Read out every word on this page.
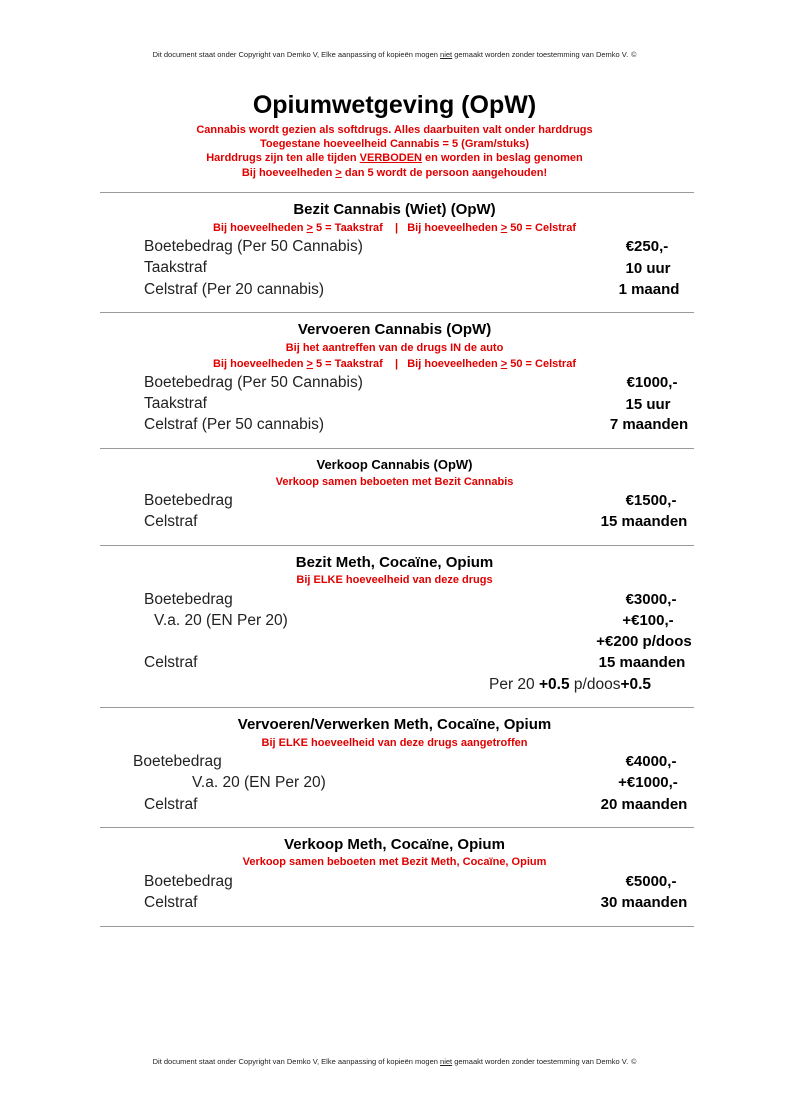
Dit document staat onder Copyright van Demko V, Elke aanpassing of kopieën mogen niet gemaakt worden zonder toestemming van Demko V. ©
Opiumwetgeving (OpW)
Cannabis wordt gezien als softdrugs. Alles daarbuiten valt onder harddrugs
Toegestane hoeveelheid Cannabis = 5 (Gram/stuks)
Harddrugs zijn ten alle tijden VERBODEN en worden in beslag genomen
Bij hoeveelheden > dan 5 wordt de persoon aangehouden!
Bezit Cannabis (Wiet) (OpW)
Bij hoeveelheden > 5 = Taakstraf    |   Bij hoeveelheden > 50 = Celstraf
Boetebedrag (Per 50 Cannabis)	€250,-
Taakstraf	10 uur
Celstraf (Per 20 cannabis)	1 maand
Vervoeren Cannabis (OpW)
Bij het aantreffen van de drugs IN de auto
Bij hoeveelheden > 5 = Taakstraf    |   Bij hoeveelheden > 50 = Celstraf
Boetebedrag (Per 50 Cannabis)	€1000,-
Taakstraf	15 uur
Celstraf (Per 50 cannabis)	7 maanden
Verkoop Cannabis (OpW)
Verkoop samen beboeten met Bezit Cannabis
Boetebedrag	€1500,-
Celstraf	15 maanden
Bezit Meth, Cocaïne, Opium
Bij ELKE hoeveelheid van deze drugs
Boetebedrag	€3000,-
V.a. 20 (EN Per 20)	+€100,-
+€200 p/doos
Celstraf	15 maanden
Per 20 +0.5 p/doos+0.5
Vervoeren/Verwerken Meth, Cocaïne, Opium
Bij ELKE hoeveelheid van deze drugs aangetroffen
Boetebedrag	€4000,-
V.a. 20 (EN Per 20)	+€1000,-
Celstraf	20 maanden
Verkoop Meth, Cocaïne, Opium
Verkoop samen beboeten met Bezit Meth, Cocaïne, Opium
Boetebedrag	€5000,-
Celstraf	30 maanden
Dit document staat onder Copyright van Demko V, Elke aanpassing of kopieën mogen niet gemaakt worden zonder toestemming van Demko V. ©
